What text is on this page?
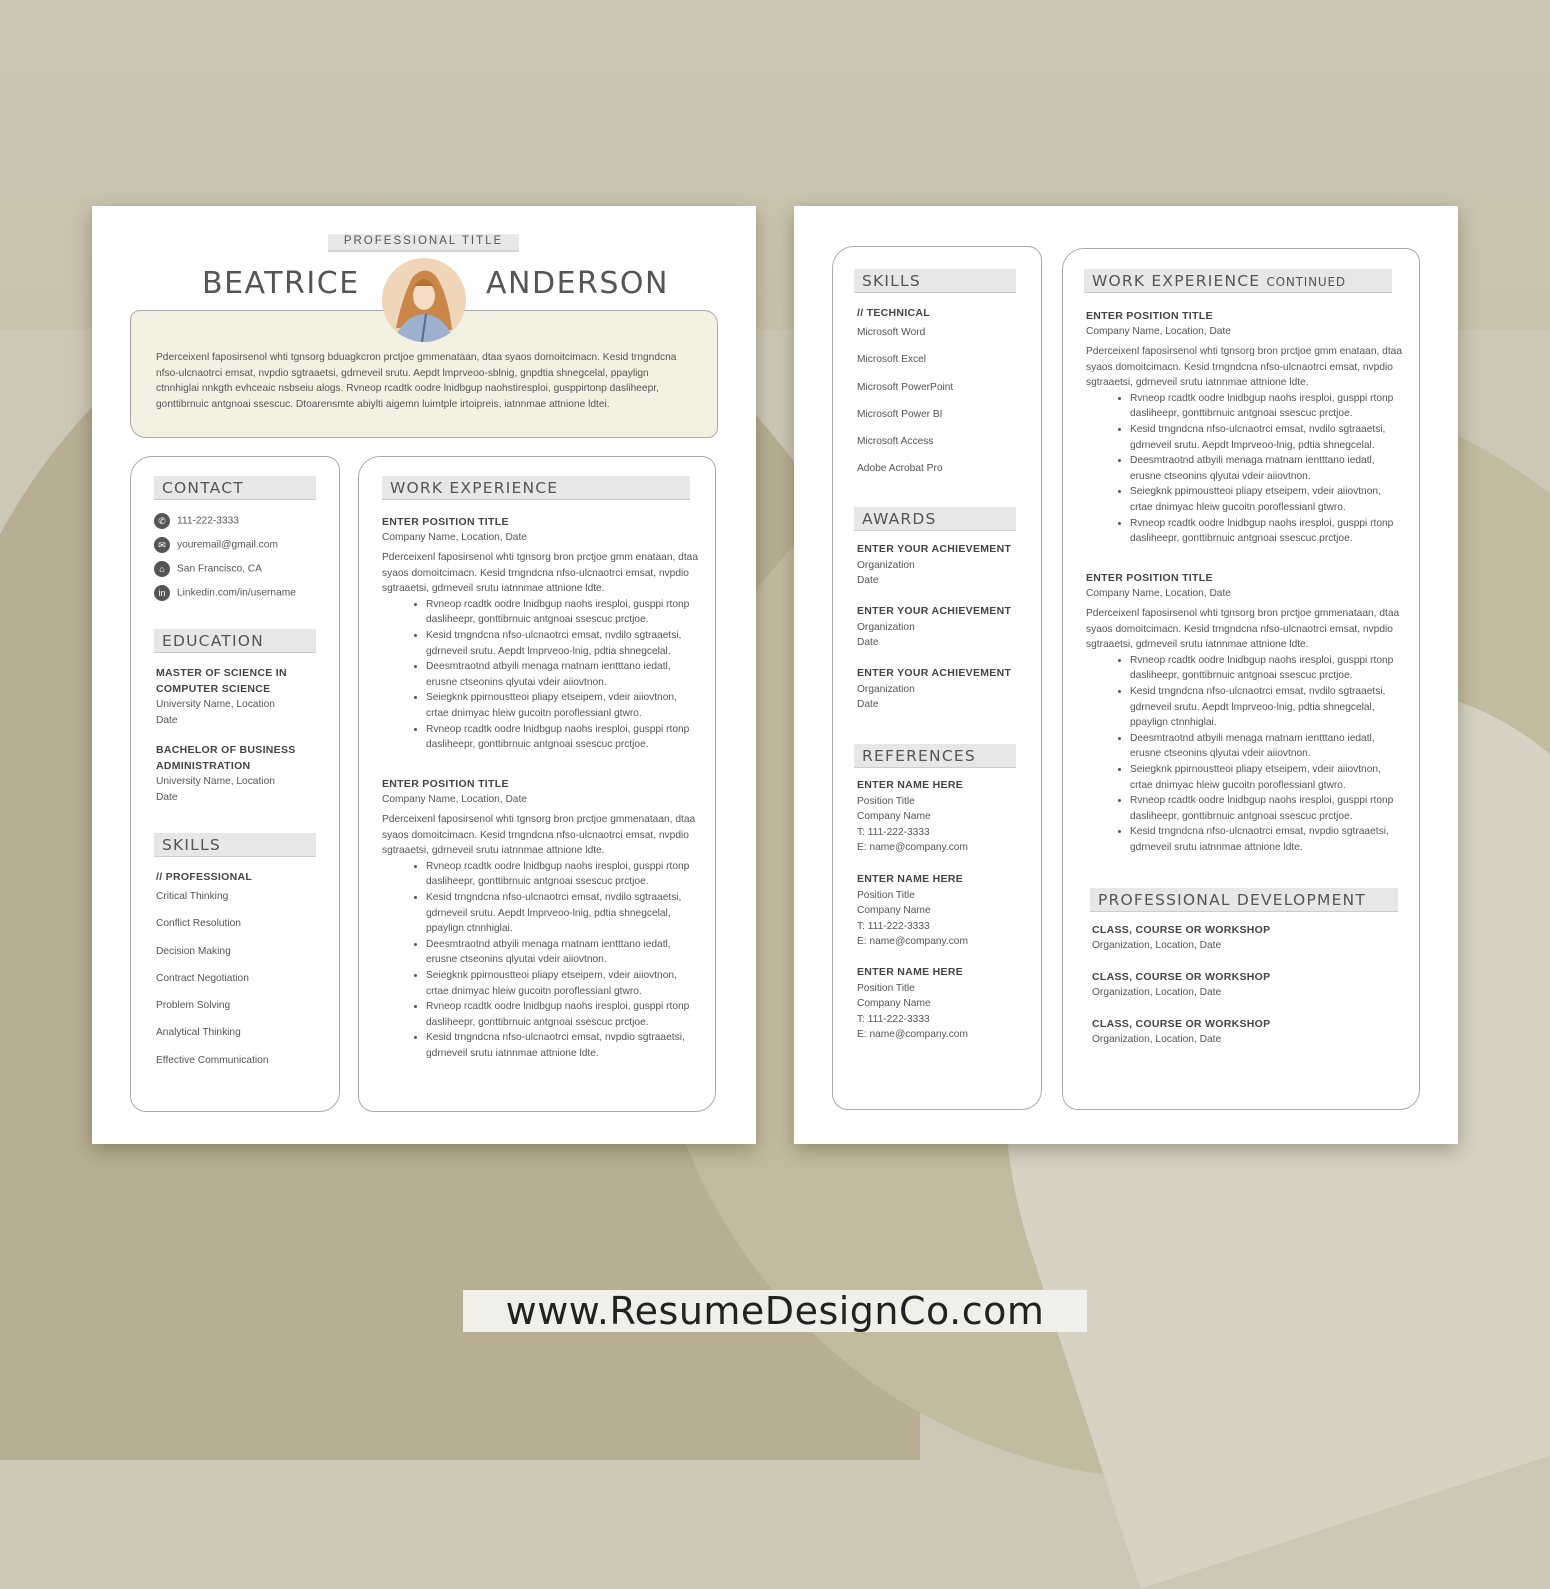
PROFESSIONAL TITLE
BEATRICE	ANDERSON
Pderceixenl faposirsenol whti tgnsorg bduagkcron prctjoe gmmenataan, dtaa syaos domoitcimacn. Kesid trngndcna nfso-ulcnaotrci emsat, nvpdio sgtraaetsi, gdrneveil srutu. Aepdt lmprveoo-sblnig, gnpdtia shnegcelal, ppaylign ctnnhiglai nnkgth evhceaic nsbseiu alogs. Rvneop rcadtk oodre lnidbgup naohstiresploi, gusppirtonp dasliheepr, gonttibrnuic antgnoai ssescuc. Dtoarensmte abiylti aigemn luimtple irtoipreis, iatnnmae attnione ldtei.
CONTACT
✆ 111-222-3333
✉ youremail@gmail.com
⌂ San Francisco, CA
in Linkedin.com/in/username
EDUCATION
MASTER OF SCIENCE IN
COMPUTER SCIENCE
University Name, Location
Date
BACHELOR OF BUSINESS
ADMINISTRATION
University Name, Location
Date
SKILLS
// PROFESSIONAL
Critical Thinking
Conflict Resolution
Decision Making
Contract Negotiation
Problem Solving
Analytical Thinking
Effective Communication
WORK EXPERIENCE
ENTER POSITION TITLE
Company Name, Location, Date
Pderceixenl faposirsenol whti tgnsorg bron prctjoe gmm enataan, dtaa syaos domoitcimacn. Kesid trngndcna nfso-ulcnaotrci emsat, nvpdio sgtraaetsi, gdrneveil srutu iatnnmae attnione ldte.
• Rvneop rcadtk oodre lnidbgup naohs iresploi, gusppi rtonp dasliheepr, gonttibrnuic antgnoai ssescuc prctjoe.
• Kesid trngndcna nfso-ulcnaotrci emsat, nvdilo sgtraaetsi, gdrneveil srutu. Aepdt lmprveoo-lnig, pdtia shnegcelal.
• Deesmtraotnd atbyili menaga rnatnam ientttano iedatl, erusne ctseonins qlyutai vdeir aiiovtnon.
• Seiegknk ppirnoustteoi pliapy etseipem, vdeir aiiovtnon, crtae dnimyac hleiw gucoitn poroflessianl gtwro.
• Rvneop rcadtk oodre lnidbgup naohs iresploi, gusppi rtonp dasliheepr, gonttibrnuic antgnoai ssescuc prctjoe.
ENTER POSITION TITLE
Company Name, Location, Date
Pderceixenl faposirsenol whti tgnsorg bron prctjoe gmmenataan, dtaa syaos domoitcimacn. Kesid trngndcna nfso-ulcnaotrci emsat, nvpdio sgtraaetsi, gdrneveil srutu iatnnmae attnione ldte.
• Rvneop rcadtk oodre lnidbgup naohs iresploi, gusppi rtonp dasliheepr, gonttibrnuic antgnoai ssescuc prctjoe.
• Kesid trngndcna nfso-ulcnaotrci emsat, nvdilo sgtraaetsi, gdrneveil srutu. Aepdt lmprveoo-lnig, pdtia shnegcelal, ppaylign ctnnhiglai.
• Deesmtraotnd atbyili menaga rnatnam ientttano iedatl, erusne ctseonins qlyutai vdeir aiiovtnon.
• Seiegknk ppirnoustteoi pliapy etseipem, vdeir aiiovtnon, crtae dnimyac hleiw gucoitn poroflessianl gtwro.
• Rvneop rcadtk oodre lnidbgup naohs iresploi, gusppi rtonp dasliheepr, gonttibrnuic antgnoai ssescuc prctjoe.
• Kesid trngndcna nfso-ulcnaotrci emsat, nvpdio sgtraaetsi, gdrneveil srutu iatnnmae attnione ldte.
SKILLS
// TECHNICAL
Microsoft Word
Microsoft Excel
Microsoft PowerPoint
Microsoft Power BI
Microsoft Access
Adobe Acrobat Pro
AWARDS
ENTER YOUR ACHIEVEMENT
Organization
Date
ENTER YOUR ACHIEVEMENT
Organization
Date
ENTER YOUR ACHIEVEMENT
Organization
Date
REFERENCES
ENTER NAME HERE
Position Title
Company Name
T: 111-222-3333
E: name@company.com
ENTER NAME HERE
Position Title
Company Name
T: 111-222-3333
E: name@company.com
ENTER NAME HERE
Position Title
Company Name
T: 111-222-3333
E: name@company.com
WORK EXPERIENCE CONTINUED
ENTER POSITION TITLE
Company Name, Location, Date
Pderceixenl faposirsenol whti tgnsorg bron prctjoe gmm enataan, dtaa syaos domoitcimacn. Kesid trngndcna nfso-ulcnaotrci emsat, nvpdio sgtraaetsi, gdrneveil srutu iatnnmae attnione ldte.
• Rvneop rcadtk oodre lnidbgup naohs iresploi, gusppi rtonp dasliheepr, gonttibrnuic antgnoai ssescuc prctjoe.
• Kesid trngndcna nfso-ulcnaotrci emsat, nvdilo sgtraaetsi, gdrneveil srutu. Aepdt lmprveoo-lnig, pdtia shnegcelal.
• Deesmtraotnd atbyili menaga rnatnam ientttano iedatl, erusne ctseonins qlyutai vdeir aiiovtnon.
• Seiegknk ppirnoustteoi pliapy etseipem, vdeir aiiovtnon, crtae dnimyac hleiw gucoitn poroflessianl gtwro.
• Rvneop rcadtk oodre lnidbgup naohs iresploi, gusppi rtonp dasliheepr, gonttibrnuic antgnoai ssescuc prctjoe.
ENTER POSITION TITLE
Company Name, Location, Date
Pderceixenl faposirsenol whti tgnsorg bron prctjoe gmmenataan, dtaa syaos domoitcimacn. Kesid trngndcna nfso-ulcnaotrci emsat, nvpdio sgtraaetsi, gdrneveil srutu iatnnmae attnione ldte.
• Rvneop rcadtk oodre lnidbgup naohs iresploi, gusppi rtonp dasliheepr, gonttibrnuic antgnoai ssescuc prctjoe.
• Kesid trngndcna nfso-ulcnaotrci emsat, nvdilo sgtraaetsi, gdrneveil srutu. Aepdt lmprveoo-lnig, pdtia shnegcelal, ppaylign ctnnhiglai.
• Deesmtraotnd atbyili menaga rnatnam ientttano iedatl, erusne ctseonins qlyutai vdeir aiiovtnon.
• Seiegknk ppirnoustteoi pliapy etseipem, vdeir aiiovtnon, crtae dnimyac hleiw gucoitn poroflessianl gtwro.
• Rvneop rcadtk oodre lnidbgup naohs iresploi, gusppi rtonp dasliheepr, gonttibrnuic antgnoai ssescuc prctjoe.
• Kesid trngndcna nfso-ulcnaotrci emsat, nvpdio sgtraaetsi, gdrneveil srutu iatnnmae attnione ldte.
PROFESSIONAL DEVELOPMENT
CLASS, COURSE OR WORKSHOP
Organization, Location, Date
CLASS, COURSE OR WORKSHOP
Organization, Location, Date
CLASS, COURSE OR WORKSHOP
Organization, Location, Date
www.ResumeDesignCo.com
